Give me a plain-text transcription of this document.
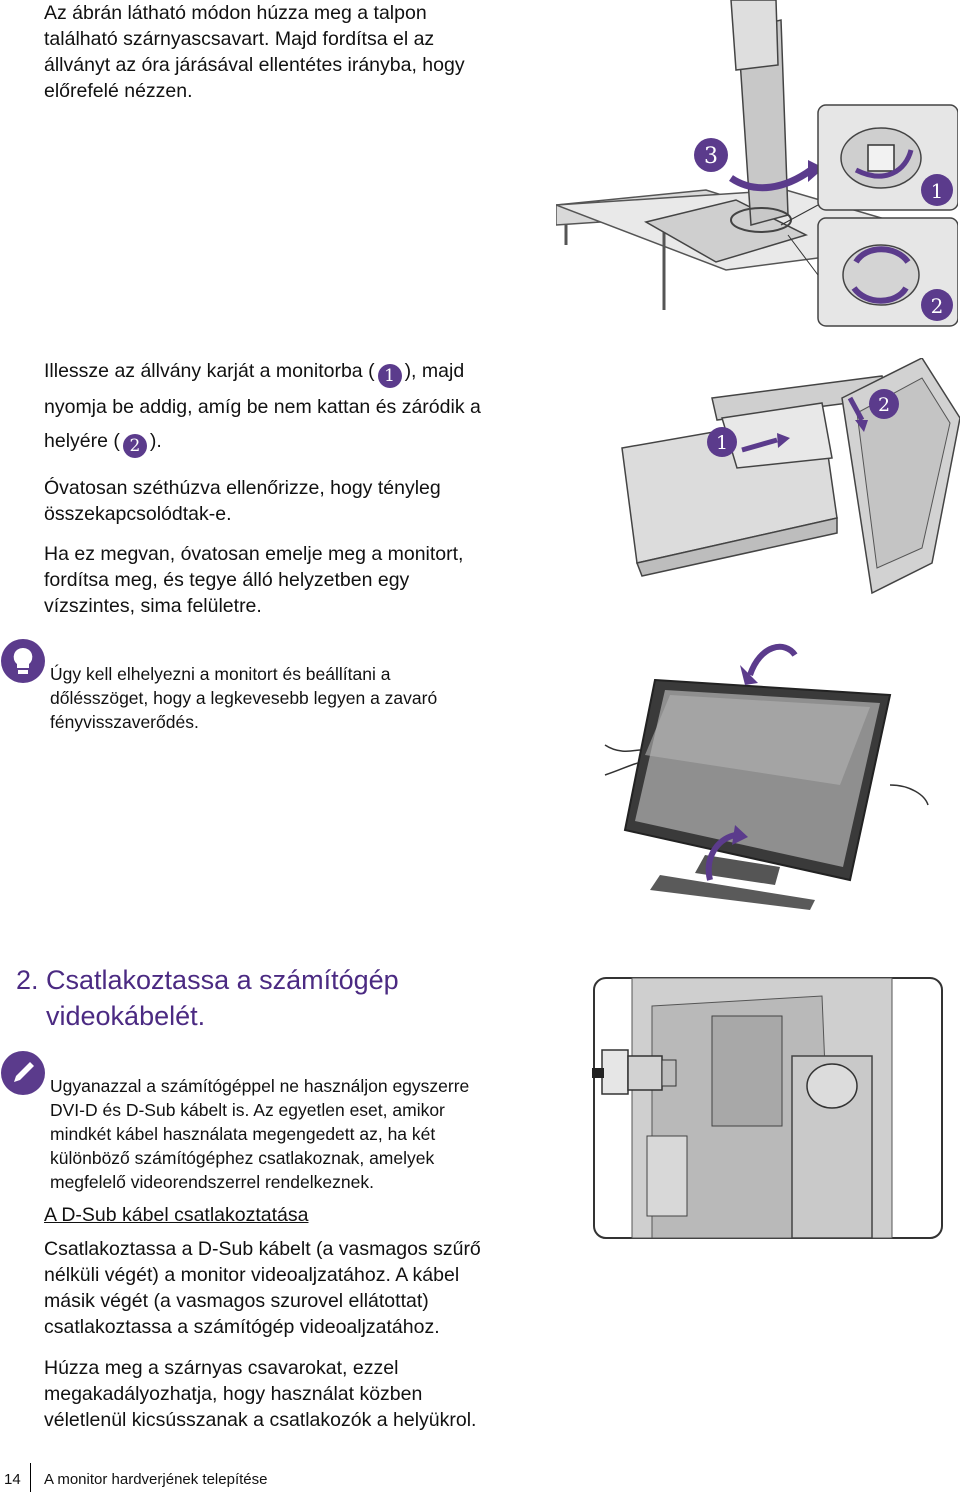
Az ábrán látható módon húzza meg a talpon
található szárnyascsavart. Majd fordítsa el az
állványt az óra járásával ellentétes irányba, hogy
előrefelé nézzen.
3
1
2
Illessze az állvány karját a monitorba ( 1 ), majd
nyomja be addig, amíg be nem kattan és záródik a
helyére ( 2 ).
Óvatosan széthúzva ellenőrizze, hogy tényleg
összekapcsolódtak-e.
Ha ez megvan, óvatosan emelje meg a monitort,
fordítsa meg, és tegye álló helyzetben egy
vízszintes, sima felületre.
1
2
Úgy kell elhelyezni a monitort és beállítani a
dőlésszöget, hogy a legkevesebb legyen a zavaró
fényvisszaverődés.
2. Csatlakoztassa a számítógép
videokábelét.
Ugyanazzal a számítógéppel ne használjon egyszerre
DVI-D és D-Sub kábelt is. Az egyetlen eset, amikor
mindkét kábel használata megengedett az, ha két
különböző számítógéphez csatlakoznak, amelyek
megfelelő videorendszerrel rendelkeznek.
A D-Sub kábel csatlakoztatása
Csatlakoztassa a D-Sub kábelt (a vasmagos szűrő
nélküli végét) a monitor videoaljzatához. A kábel
másik végét (a vasmagos szurovel ellátottat)
csatlakoztassa a számítógép videoaljzatához.
Húzza meg a szárnyas csavarokat, ezzel
megakadályozhatja, hogy használat közben
véletlenül kicsússzanak a csatlakozók a helyükrol.
14 A monitor hardverjének telepítése
